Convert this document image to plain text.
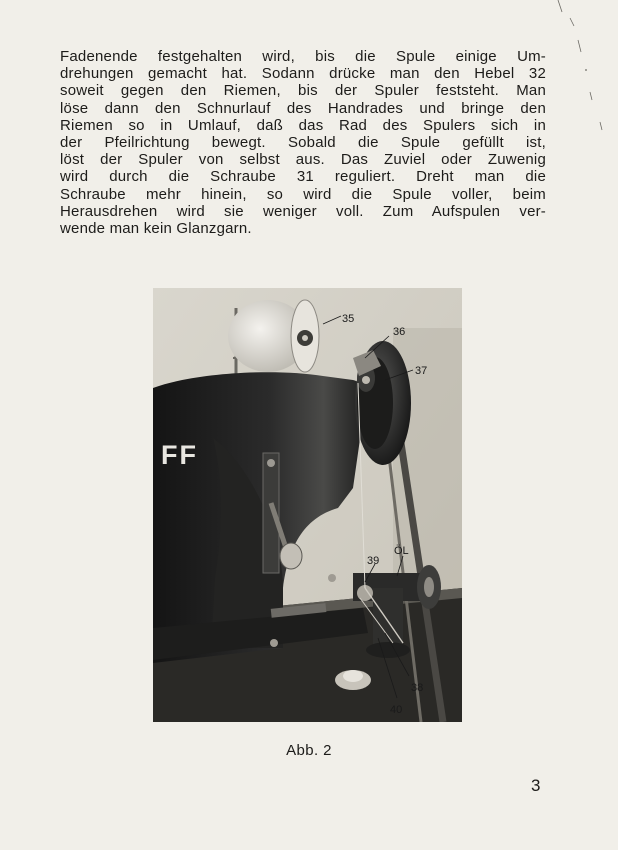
Fadenende festgehalten wird, bis die Spule einige Um-
drehungen gemacht hat. Sodann drücke man den Hebel 32
soweit gegen den Riemen, bis der Spuler feststeht. Man
löse dann den Schnurlauf des Handrades und bringe den
Riemen so in Umlauf, daß das Rad des Spulers sich in
der Pfeilrichtung bewegt. Sobald die Spule gefüllt ist,
löst der Spuler von selbst aus. Das Zuviel oder Zuwenig
wird durch die Schraube 31 reguliert. Dreht man die
Schraube mehr hinein, so wird die Spule voller, beim
Herausdrehen wird sie weniger voll. Zum Aufspulen ver-
wende man kein Glanzgarn.
FF
35
36
37
39
ÖL
38
40
Abb. 2
3
